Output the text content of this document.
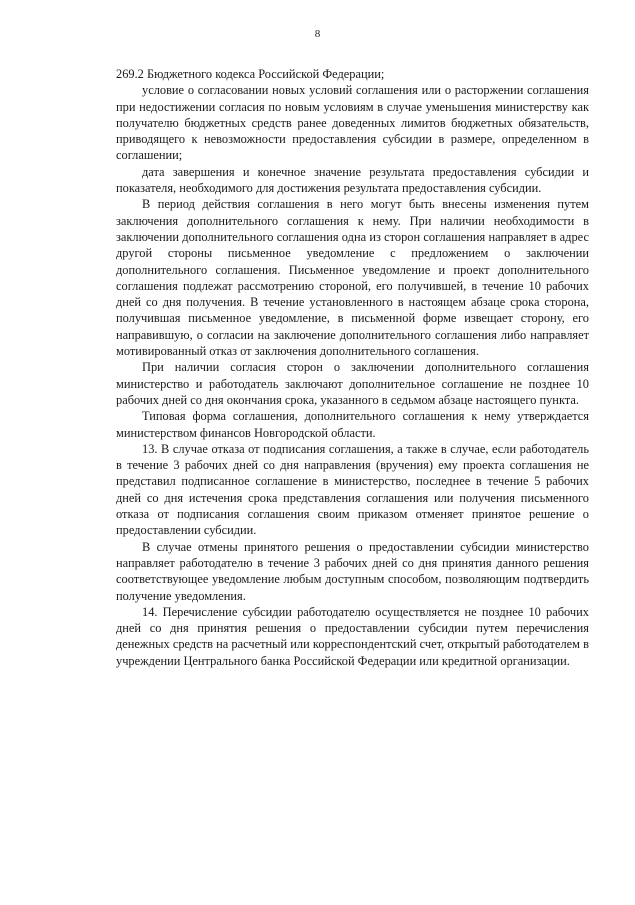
8

269.2 Бюджетного кодекса Российской Федерации;

условие о согласовании новых условий соглашения или о расторжении соглашения при недостижении согласия по новым условиям в случае уменьшения министерству как получателю бюджетных средств ранее доведенных лимитов бюджетных обязательств, приводящего к невозможности предоставления субсидии в размере, определенном в соглашении;

дата завершения и конечное значение результата предоставления субсидии и показателя, необходимого для достижения результата предоставления субсидии.

В период действия соглашения в него могут быть внесены изменения путем заключения дополнительного соглашения к нему. При наличии необходимости в заключении дополнительного соглашения одна из сторон соглашения направляет в адрес другой стороны письменное уведомление с предложением о заключении дополнительного соглашения. Письменное уведомление и проект дополнительного соглашения подлежат рассмотрению стороной, его получившей, в течение 10 рабочих дней со дня получения. В течение установленного в настоящем абзаце срока сторона, получившая письменное уведомление, в письменной форме извещает сторону, его направившую, о согласии на заключение дополнительного соглашения либо направляет мотивированный отказ от заключения дополнительного соглашения.

При наличии согласия сторон о заключении дополнительного соглашения министерство и работодатель заключают дополнительное соглашение не позднее 10 рабочих дней со дня окончания срока, указанного в седьмом абзаце настоящего пункта.

Типовая форма соглашения, дополнительного соглашения к нему утверждается министерством финансов Новгородской области.

13. В случае отказа от подписания соглашения, а также в случае, если работодатель в течение 3 рабочих дней со дня направления (вручения) ему проекта соглашения не представил подписанное соглашение в министерство, последнее в течение 5 рабочих дней со дня истечения срока представления соглашения или получения письменного отказа от подписания соглашения своим приказом отменяет принятое решение о предоставлении субсидии.

В случае отмены принятого решения о предоставлении субсидии министерство направляет работодателю в течение 3 рабочих дней со дня принятия данного решения соответствующее уведомление любым доступным способом, позволяющим подтвердить получение уведомления.

14. Перечисление субсидии работодателю осуществляется не позднее 10 рабочих дней со дня принятия решения о предоставлении субсидии путем перечисления денежных средств на расчетный или корреспондентский счет, открытый работодателем в учреждении Центрального банка Российской Федерации или кредитной организации.
